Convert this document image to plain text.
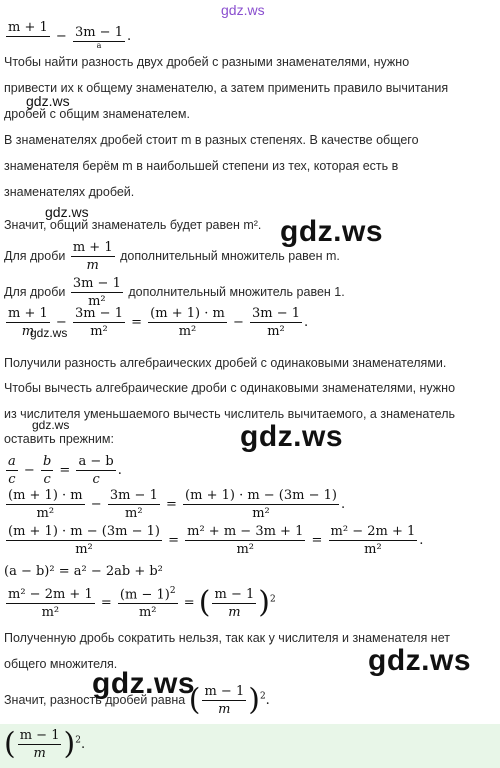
gdz.ws
$\frac{m + 1}{m} - \frac{3m - 1}{a}$ .
Чтобы найти разность двух дробей с разными знаменателями, нужно
привести их к общему знаменателю, а затем применить правило вычитания
дробей с общим знаменателем.
В знаменателях дробей стоит m в разных степенях. В качестве общего
знаменателя берём m в наибольшей степени из тех, которая есть в
знаменателях дробей.
Значит, общий знаменатель будет равен m².
Для дроби $\frac{m + 1}{m}$ дополнительный множитель равен m.
Для дроби $\frac{3m - 1}{\text{m²}}$ дополнительный множитель равен 1.
$\frac{m + 1}{m} - \frac{3m - 1}{\text{m²}} = \frac{(m + 1) \cdot m}{\text{m²}} - \frac{3m - 1}{\text{m²}}$ .
Получили разность алгебраических дробей с одинаковыми знаменателями.
Чтобы вычесть алгебраические дроби с одинаковыми знаменателями, нужно
из числителя уменьшаемого вычесть числитель вычитаемого, а знаменатель
оставить прежним:
$\frac{a}{c} - \frac{b}{c} = \frac{a - b}{c}$ .
$\frac{(m + 1) \cdot m}{\text{m²}} - \frac{3m - 1}{\text{m²}} = \frac{(m + 1) \cdot m - (3m - 1)}{\text{m²}}$ .
$\frac{(m + 1) \cdot m - (3m - 1)}{\text{m²}} = \frac{\text{m² + m − 3m + 1}}{\text{m²}} = \frac{\text{m² − 2m + 1}}{\text{m²}}$ .
(a − b)² = a² − 2ab + b²
$\frac{\text{m² − 2m + 1}}{\text{m²}} = \frac{(m - 1)^2}{\text{m²}}$ = ( $\frac{m - 1}{m} )^2$
Полученную дробь сократить нельзя, так как у числителя и знаменателя нет
общего множителя.
Значит, разность дробей равна ( $\frac{m - 1}{m} )^2$.
( $\frac{m - 1}{m} )^2$.
gdz.ws
gdz.ws
gdz.ws
gdz.ws
gdz.ws	gdz.ws
gdz.ws
gdz.ws
